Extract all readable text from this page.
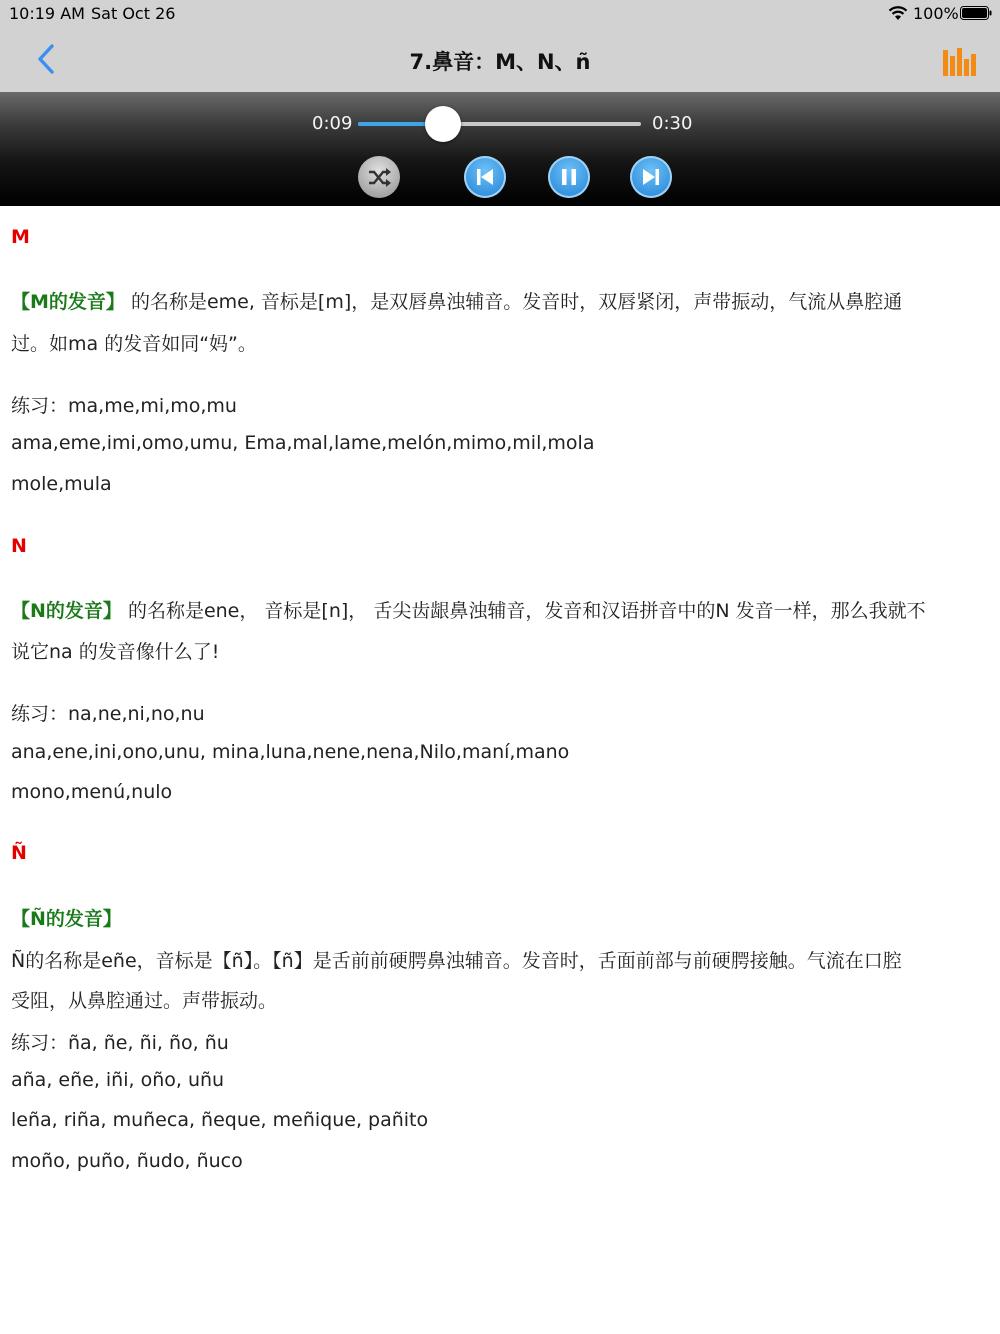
10:19 AM Sat Oct 26	100%
7.鼻音：M、N、ñ
0:09	0:30
M
【M的发音】 的名称是eme, 音标是[m]，是双唇鼻浊辅音。发音时，双唇紧闭，声带振动，气流从鼻腔通
过。如ma 的发音如同“妈”。
练习：ma,me,mi,mo,mu
ama,eme,imi,omo,umu, Ema,mal,lame,melón,mimo,mil,mola
mole,mula
N
【N的发音】 的名称是ene， 音标是[n]， 舌尖齿龈鼻浊辅音，发音和汉语拼音中的N 发音一样，那么我就不
说它na 的发音像什么了!
练习：na,ne,ni,no,nu
ana,ene,ini,ono,unu, mina,luna,nene,nena,Nilo,maní,mano
mono,menú,nulo
Ñ
【Ñ的发音】
Ñ的名称是eñe，音标是【ñ】。【ñ】是舌前前硬腭鼻浊辅音。发音时，舌面前部与前硬腭接触。气流在口腔
受阻，从鼻腔通过。声带振动。
练习：ña, ñe, ñi, ño, ñu
aña, eñe, iñi, oño, uñu
leña, riña, muñeca, ñeque, meñique, pañito
moño, puño, ñudo, ñuco
